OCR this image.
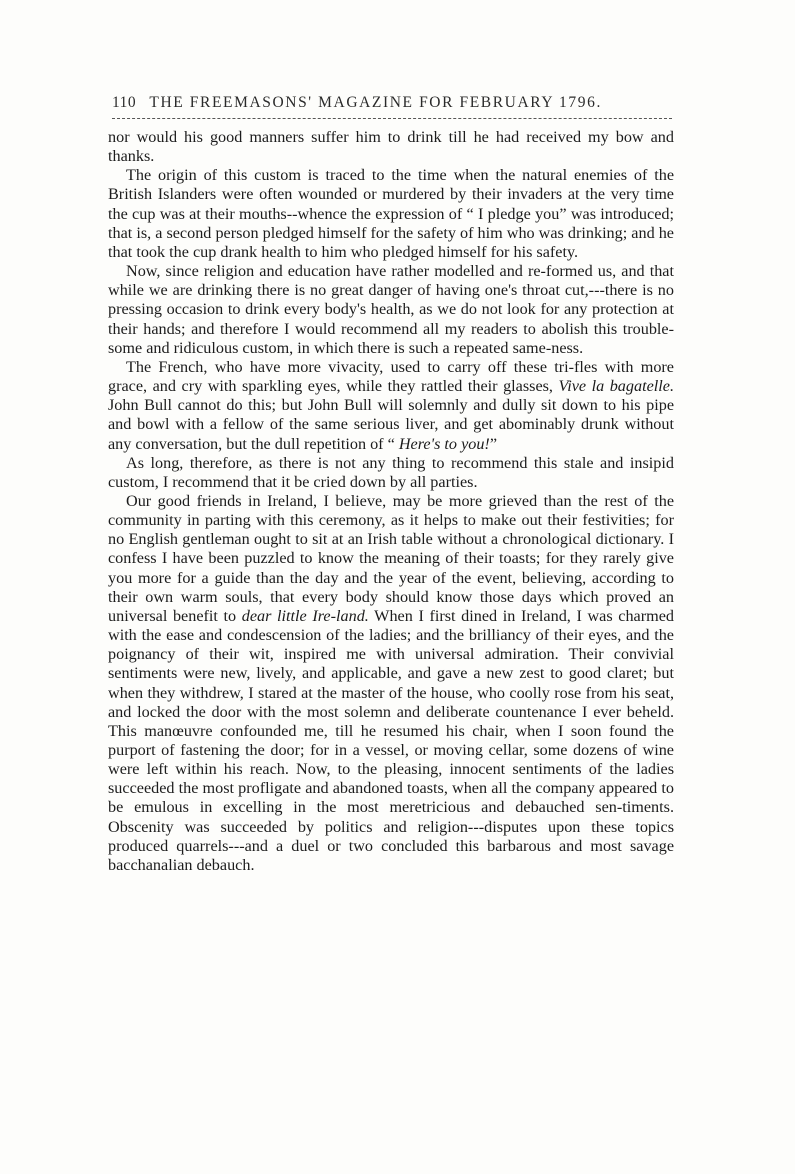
110 THE FREEMASONS' MAGAZINE FOR FEBRUARY 1796.

nor would his good manners suffer him to drink till he had received my bow and thanks.

The origin of this custom is traced to the time when the natural enemies of the British Islanders were often wounded or murdered by their invaders at the very time the cup was at their mouths--whence the expression of “ I pledge you” was introduced; that is, a second person pledged himself for the safety of him who was drinking; and he that took the cup drank health to him who pledged himself for his safety.

Now, since religion and education have rather modelled and re-formed us, and that while we are drinking there is no great danger of having one's throat cut,---there is no pressing occasion to drink every body's health, as we do not look for any protection at their hands; and therefore I would recommend all my readers to abolish this trouble-some and ridiculous custom, in which there is such a repeated same-ness.

The French, who have more vivacity, used to carry off these tri-fles with more grace, and cry with sparkling eyes, while they rattled their glasses, Vive la bagatelle. John Bull cannot do this; but John Bull will solemnly and dully sit down to his pipe and bowl with a fellow of the same serious liver, and get abominably drunk without any conversation, but the dull repetition of “ Here's to you!”

As long, therefore, as there is not any thing to recommend this stale and insipid custom, I recommend that it be cried down by all parties.

Our good friends in Ireland, I believe, may be more grieved than the rest of the community in parting with this ceremony, as it helps to make out their festivities; for no English gentleman ought to sit at an Irish table without a chronological dictionary. I confess I have been puzzled to know the meaning of their toasts; for they rarely give you more for a guide than the day and the year of the event, believing, according to their own warm souls, that every body should know those days which proved an universal benefit to dear little Ire-land. When I first dined in Ireland, I was charmed with the ease and condescension of the ladies; and the brilliancy of their eyes, and the poignancy of their wit, inspired me with universal admiration. Their convivial sentiments were new, lively, and applicable, and gave a new zest to good claret; but when they withdrew, I stared at the master of the house, who coolly rose from his seat, and locked the door with the most solemn and deliberate countenance I ever beheld. This manœuvre confounded me, till he resumed his chair, when I soon found the purport of fastening the door; for in a vessel, or moving cellar, some dozens of wine were left within his reach. Now, to the pleasing, innocent sentiments of the ladies succeeded the most profligate and abandoned toasts, when all the company appeared to be emulous in excelling in the most meretricious and debauched sen-timents. Obscenity was succeeded by politics and religion---disputes upon these topics produced quarrels---and a duel or two concluded this barbarous and most savage bacchanalian debauch.
